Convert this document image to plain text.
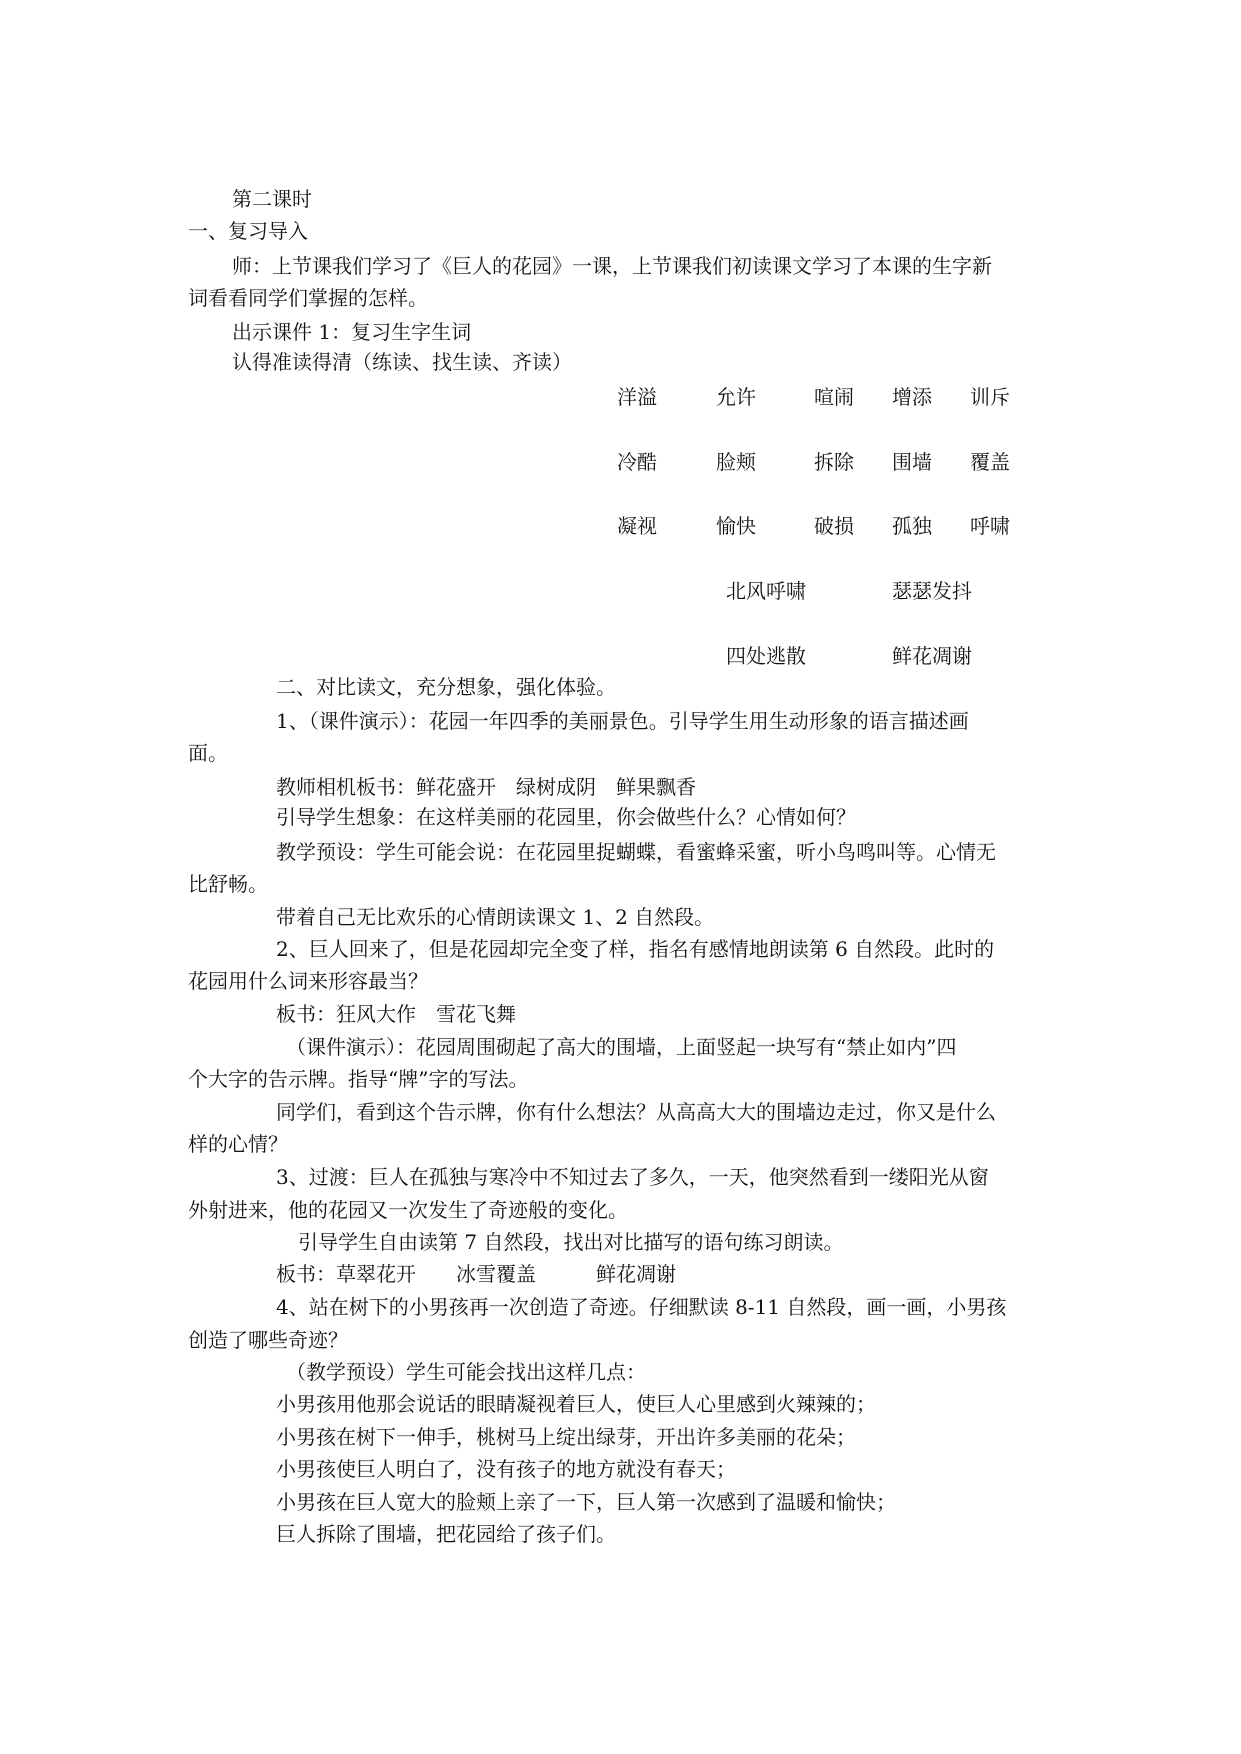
第二课时
一、复习导入
师：上节课我们学习了《巨人的花园》一课，上节课我们初读课文学习了本课的生字新
词看看同学们掌握的怎样。
出示课件 1：复习生字生词
认得准读得清（练读、找生读、齐读）
洋溢	允许	喧闹 增添 训斥
冷酷	脸颊	拆除 围墙 覆盖
凝视	愉快	破损 孤独 呼啸
北风呼啸	瑟瑟发抖
四处逃散	鲜花凋谢
二、对比读文，充分想象，强化体验。
1、（课件演示）：花园一年四季的美丽景色。引导学生用生动形象的语言描述画
面。
教师相机板书：鲜花盛开　绿树成阴　鲜果飘香
引导学生想象：在这样美丽的花园里，你会做些什么？心情如何？
教学预设：学生可能会说：在花园里捉蝴蝶，看蜜蜂采蜜，听小鸟鸣叫等。心情无
比舒畅。
带着自己无比欢乐的心情朗读课文 1、2 自然段。
2、巨人回来了，但是花园却完全变了样，指名有感情地朗读第 6 自然段。此时的
花园用什么词来形容最当？
板书：狂风大作　雪花飞舞
（课件演示）：花园周围砌起了高大的围墙，上面竖起一块写有“禁止如内”四
个大字的告示牌。指导“牌”字的写法。
同学们，看到这个告示牌，你有什么想法？从高高大大的围墙边走过，你又是什么
样的心情？
3、过渡：巨人在孤独与寒冷中不知过去了多久，一天，他突然看到一缕阳光从窗
外射进来，他的花园又一次发生了奇迹般的变化。
引导学生自由读第 7 自然段，找出对比描写的语句练习朗读。
板书：草翠花开　　冰雪覆盖　　　鲜花凋谢
4、站在树下的小男孩再一次创造了奇迹。仔细默读 8-11 自然段，画一画，小男孩
创造了哪些奇迹？
（教学预设）学生可能会找出这样几点：
小男孩用他那会说话的眼睛凝视着巨人，使巨人心里感到火辣辣的；
小男孩在树下一伸手，桃树马上绽出绿芽，开出许多美丽的花朵；
小男孩使巨人明白了，没有孩子的地方就没有春天；
小男孩在巨人宽大的脸颊上亲了一下，巨人第一次感到了温暖和愉快；
巨人拆除了围墙，把花园给了孩子们。
